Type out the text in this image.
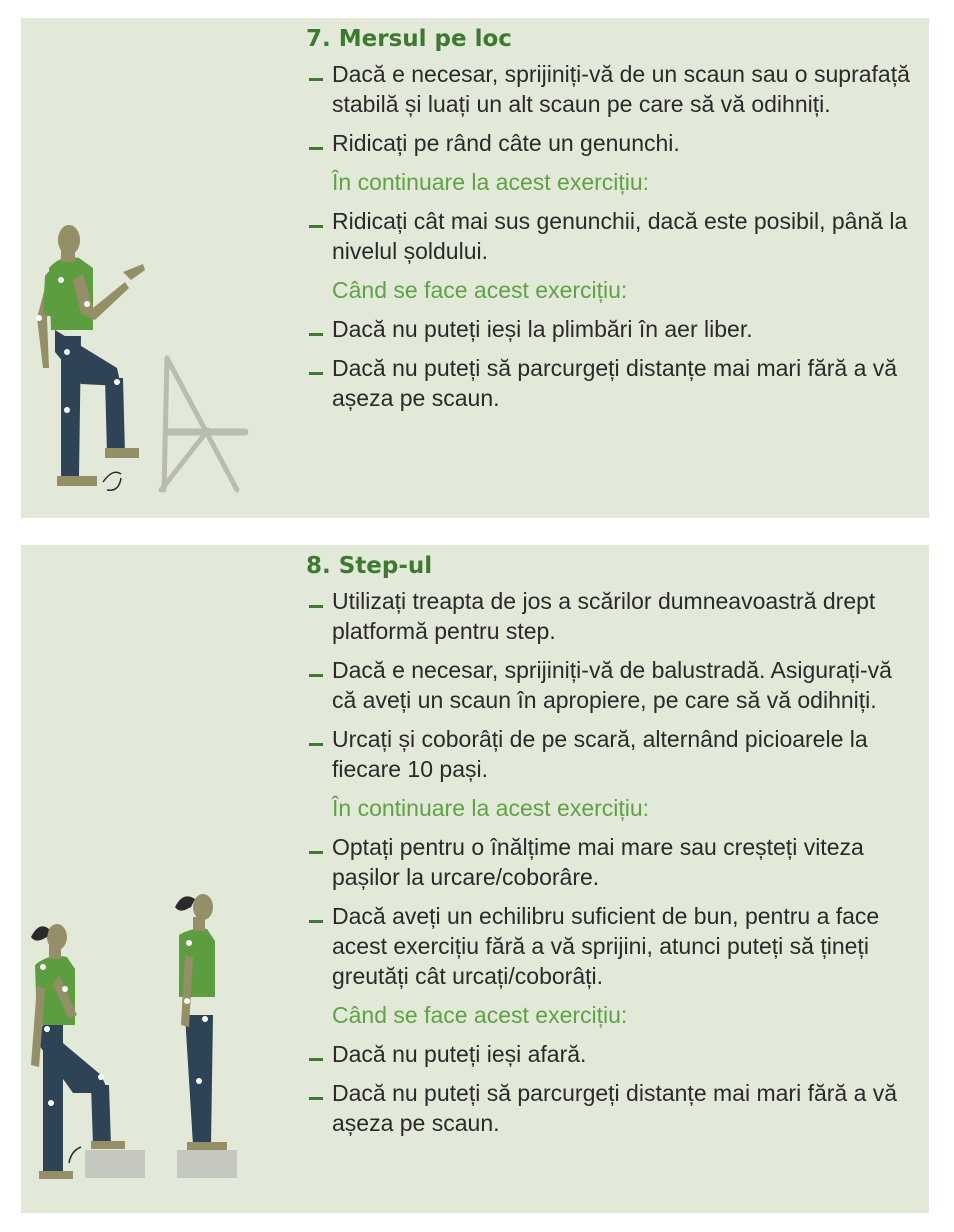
7. Mersul pe loc
Dacă e necesar, sprijiniți-vă de un scaun sau o suprafață stabilă și luați un alt scaun pe care să vă odihniți.
Ridicați pe rând câte un genunchi.
În continuare la acest exercițiu:
Ridicați cât mai sus genunchii, dacă este posibil, până la nivelul șoldului.
Când se face acest exercițiu:
Dacă nu puteți ieși la plimbări în aer liber.
Dacă nu puteți să parcurgeți distanțe mai mari fără a vă așeza pe scaun.
8. Step-ul
Utilizați treapta de jos a scărilor dumneavoastră drept platformă pentru step.
Dacă e necesar, sprijiniți-vă de balustradă. Asigurați-vă că aveți un scaun în apropiere, pe care să vă odihniți.
Urcați și coborâți de pe scară, alternând picioarele la fiecare 10 pași.
În continuare la acest exercițiu:
Optați pentru o înălțime mai mare sau creșteți viteza pașilor la urcare/coborâre.
Dacă aveți un echilibru suficient de bun, pentru a face acest exercițiu fără a vă sprijini, atunci puteți să țineți greutăți cât urcați/coborâți.
Când se face acest exercițiu:
Dacă nu puteți ieși afară.
Dacă nu puteți să parcurgeți distanțe mai mari fără a vă așeza pe scaun.
